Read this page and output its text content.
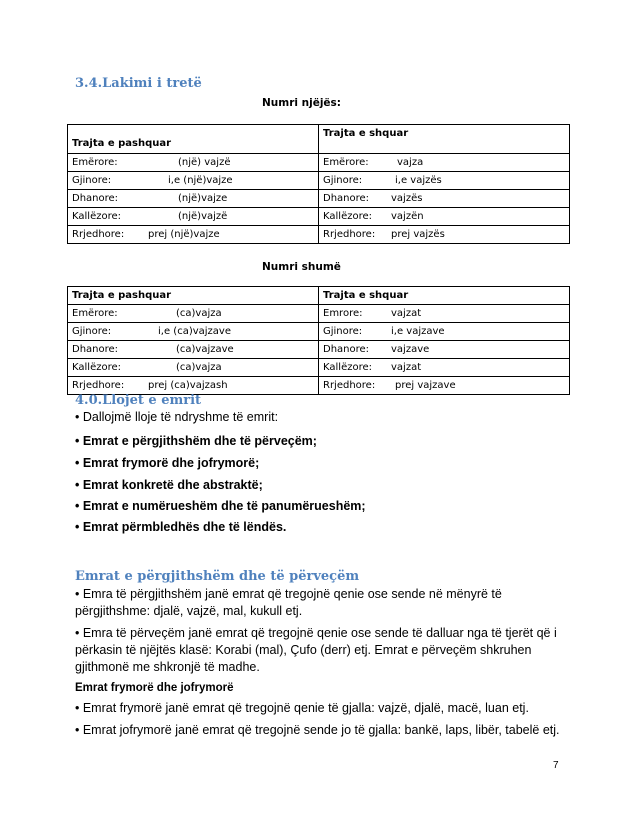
3.4.Lakimi i tretë
Numri njëjës:
Trajta e pashquar	Trajta e shquar
Emërore: (një) vajzë	Emërore: vajza
Gjinore: i,e (një)vajze	Gjinore: i,e vajzës
Dhanore: (një)vajze	Dhanore: vajzës
Kallëzore: (një)vajzë	Kallëzore: vajzën
Rrjedhore: prej (një)vajze	Rrjedhore: prej vajzës
Numri shumë
Trajta e pashquar	Trajta e shquar
Emërore: (ca)vajza	Emrore: vajzat
Gjinore: i,e (ca)vajzave	Gjinore: i,e vajzave
Dhanore: (ca)vajzave	Dhanore: vajzave
Kallëzore: (ca)vajza	Kallëzore: vajzat
Rrjedhore: prej (ca)vajzash	Rrjedhore: prej vajzave
4.0.Llojet e emrit
• Dallojmë lloje të ndryshme të emrit:
• Emrat e përgjithshëm dhe të përveçëm;
• Emrat frymorë dhe jofrymorë;
• Emrat konkretë dhe abstraktë;
• Emrat e numërueshëm dhe të panumërueshëm;
• Emrat përmbledhës dhe të lëndës.
Emrat e përgjithshëm dhe të përveçëm
• Emra të përgjithshëm janë emrat që tregojnë qenie ose sende në mënyrë të
përgjithshme: djalë, vajzë, mal, kukull etj.
• Emra të përveçëm janë emrat që tregojnë qenie ose sende të dalluar nga të tjerët që i
përkasin të njëjtës klasë: Korabi (mal), Çufo (derr) etj. Emrat e përveçëm shkruhen
gjithmonë me shkronjë të madhe.
Emrat frymorë dhe jofrymorë
• Emrat frymorë janë emrat që tregojnë qenie të gjalla: vajzë, djalë, macë, luan etj.
• Emrat jofrymorë janë emrat që tregojnë sende jo të gjalla: bankë, laps, libër, tabelë etj.
7
